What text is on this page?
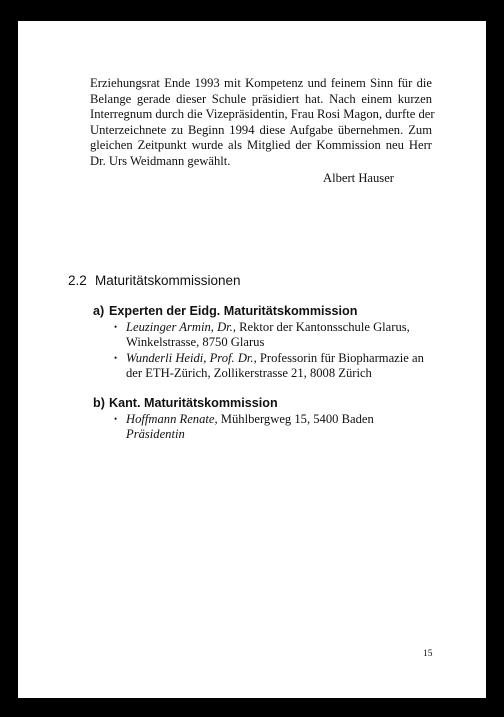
Erziehungsrat Ende 1993 mit Kompetenz und feinem Sinn für die
Belange gerade dieser Schule präsidiert hat. Nach einem kurzen
Interregnum durch die Vizepräsidentin, Frau Rosi Magon, durfte der
Unterzeichnete zu Beginn 1994 diese Aufgabe übernehmen. Zum
gleichen Zeitpunkt wurde als Mitglied der Kommission neu Herr
Dr. Urs Weidmann gewählt.
Albert Hauser
2.2 Maturitätskommissionen
a) Experten der Eidg. Maturitätskommission
• Leuzinger Armin, Dr., Rektor der Kantonsschule Glarus,
Winkelstrasse, 8750 Glarus
• Wunderli Heidi, Prof. Dr., Professorin für Biopharmazie an
der ETH-Zürich, Zollikerstrasse 21, 8008 Zürich
b) Kant. Maturitätskommission
• Hoffmann Renate, Mühlbergweg 15, 5400 Baden
Präsidentin
15
